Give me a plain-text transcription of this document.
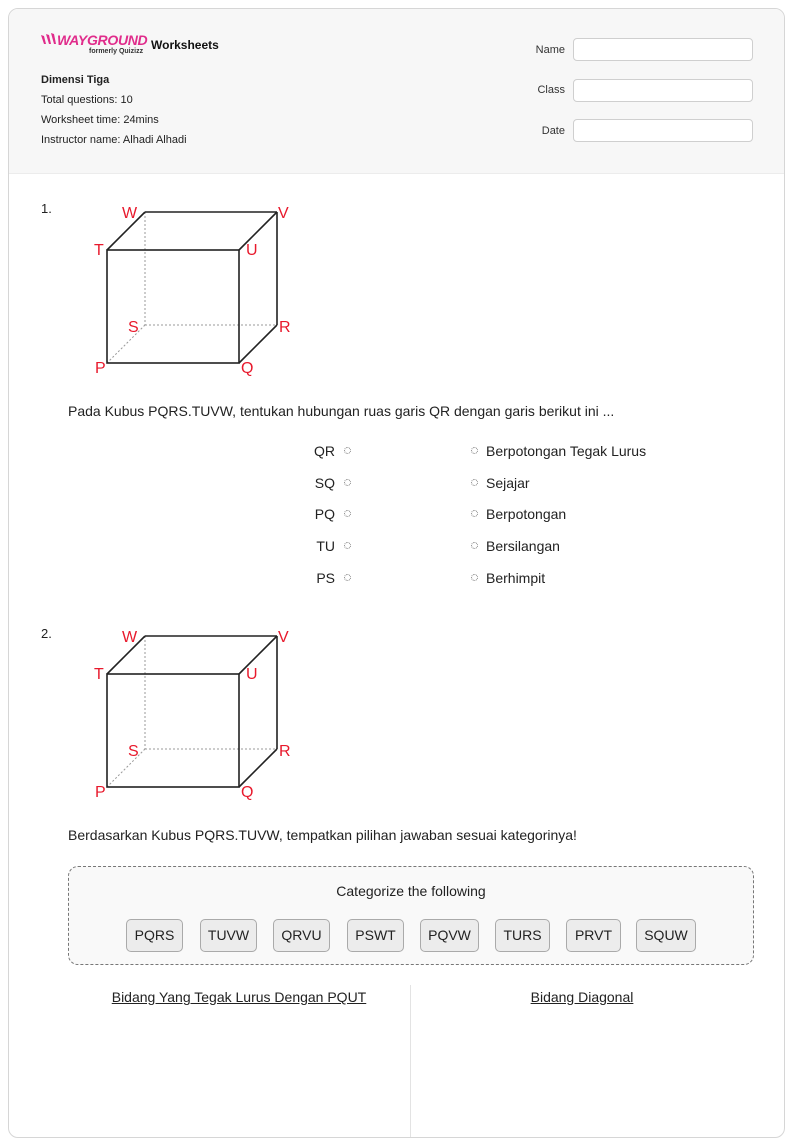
WAYGROUND
formerly Quizizz Worksheets
Dimensi Tiga
Total questions: 10
Worksheet time: 24mins
Instructor name: Alhadi Alhadi
Name
Class
Date
1.	W	V
T	U
S	R
P	Q
Pada Kubus PQRS.TUVW, tentukan hubungan ruas garis QR dengan garis berikut ini ...
QR	Berpotongan Tegak Lurus
SQ	Sejajar
PQ	Berpotongan
TU	Bersilangan
PS	Berhimpit
2.	W	V
T	U
S	R
P	Q
Berdasarkan Kubus PQRS.TUVW, tempatkan pilihan jawaban sesuai kategorinya!
Categorize the following
PQRS	TUVW	QRVU	PSWT	PQVW	TURS	PRVT	SQUW
Bidang Yang Tegak Lurus Dengan PQUT	Bidang Diagonal
